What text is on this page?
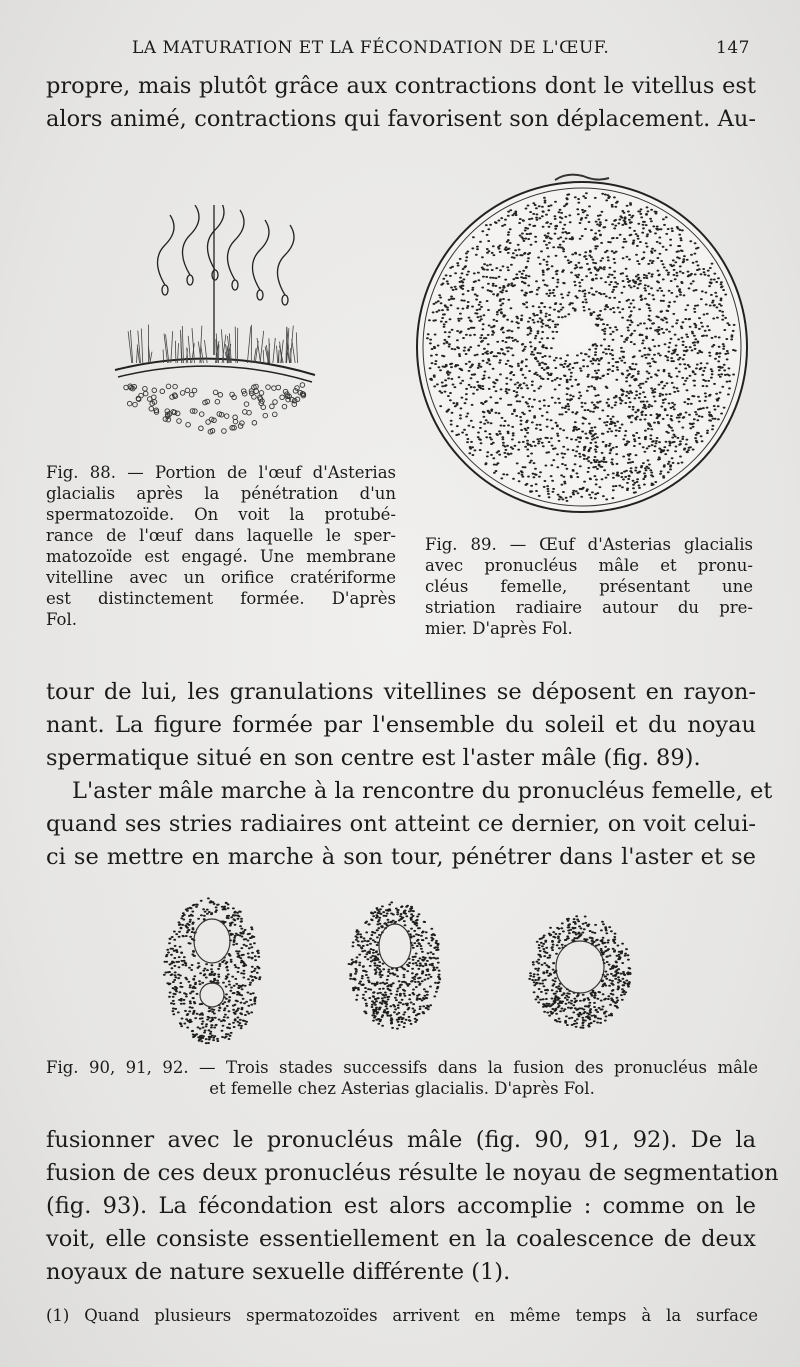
LA MATURATION ET LA FÉCONDATION DE L'ŒUF.	147
propre, mais plutôt grâce aux contractions dont le vitellus est
alors animé, contractions qui favorisent son déplacement. Au-
Fig. 88. — Portion de l'œuf d'Asterias
glacialis après la pénétration d'un
spermatozoïde. On voit la protubé-
rance de l'œuf dans laquelle le sper-
matozoïde est engagé. Une membrane
vitelline avec un orifice cratériforme
est distinctement formée. D'après
Fol.
Fig. 89. — Œuf d'Asterias glacialis
avec pronucléus mâle et pronu-
cléus femelle, présentant une
striation radiaire autour du pre-
mier. D'après Fol.
tour de lui, les granulations vitellines se déposent en rayon-
nant. La figure formée par l'ensemble du soleil et du noyau
spermatique situé en son centre est l'aster mâle (fig. 89).
L'aster mâle marche à la rencontre du pronucléus femelle, et
quand ses stries radiaires ont atteint ce dernier, on voit celui-
ci se mettre en marche à son tour, pénétrer dans l'aster et se
Fig. 90, 91, 92. — Trois stades successifs dans la fusion des pronucléus mâle
et femelle chez Asterias glacialis. D'après Fol.
fusionner avec le pronucléus mâle (fig. 90, 91, 92). De la
fusion de ces deux pronucléus résulte le noyau de segmentation
(fig. 93). La fécondation est alors accomplie : comme on le
voit, elle consiste essentiellement en la coalescence de deux
noyaux de nature sexuelle différente (1).
(1) Quand plusieurs spermatozoïdes arrivent en même temps à la surface
